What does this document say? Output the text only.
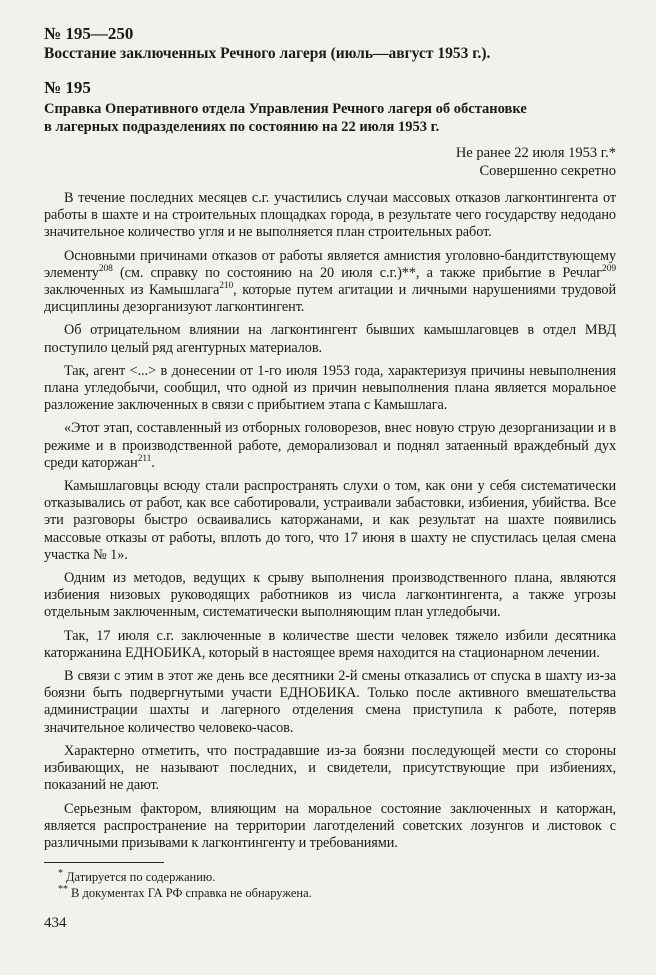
№ 195—250
Восстание заключенных Речного лагеря (июль—август 1953 г.).
№ 195
Справка Оперативного отдела Управления Речного лагеря об обстановке
в лагерных подразделениях по состоянию на 22 июля 1953 г.
Не ранее 22 июля 1953 г.*
Совершенно секретно

В течение последних месяцев с.г. участились случаи массовых отказов лагконтингента от работы в шахте и на строительных площадках города, в результате чего государству недодано значительное количество угля и не выполняется план строительных работ.

Основными причинами отказов от работы является амнистия уголовно-бандитствующему элементу$^{208}$ (см. справку по состоянию на 20 июля с.г.)**, а также прибытие в Речлаг$^{209}$ заключенных из Камышлага$^{210}$, которые путем агитации и личными нарушениями трудовой дисциплины дезорганизуют лагконтингент.

Об отрицательном влиянии на лагконтингент бывших камышлаговцев в отдел МВД поступило целый ряд агентурных материалов.

Так, агент <...> в донесении от 1-го июля 1953 года, характеризуя причины невыполнения плана угледобычи, сообщил, что одной из причин невыполнения плана является моральное разложение заключенных в связи с прибытием этапа с Камышлага.

«Этот этап, составленный из отборных головорезов, внес новую струю дезорганизации и в режиме и в производственной работе, деморализовал и поднял затаенный враждебный дух среди каторжан$^{211}$.

Камышлаговцы всюду стали распространять слухи о том, как они у себя систематически отказывались от работ, как все саботировали, устраивали забастовки, избиения, убийства. Все эти разговоры быстро осваивались каторжанами, и как результат на шахте появились массовые отказы от работы, вплоть до того, что 17 июня в шахту не спустилась целая смена участка № 1».

Одним из методов, ведущих к срыву выполнения производственного плана, являются избиения низовых руководящих работников из числа лагконтингента, а также угрозы отдельным заключенным, систематически выполняющим план угледобычи.

Так, 17 июля с.г. заключенные в количестве шести человек тяжело избили десятника каторжанина ЕДНОБИКА, который в настоящее время находится на стационарном лечении.

В связи с этим в этот же день все десятники 2-й смены отказались от спуска в шахту из-за боязни быть подвергнутыми участи ЕДНОБИКА. Только после активного вмешательства администрации шахты и лагерного отделения смена приступила к работе, потеряв значительное количество человеко-часов.

Характерно отметить, что пострадавшие из-за боязни последующей мести со стороны избивающих, не называют последних, и свидетели, присутствующие при избиениях, показаний не дают.

Серьезным фактором, влияющим на моральное состояние заключенных и каторжан, является распространение на территории лаготделений советских лозунгов и листовок с различными призывами к лагконтингенту и требованиями.

* Датируется по содержанию.
** В документах ГА РФ справка не обнаружена.
434
